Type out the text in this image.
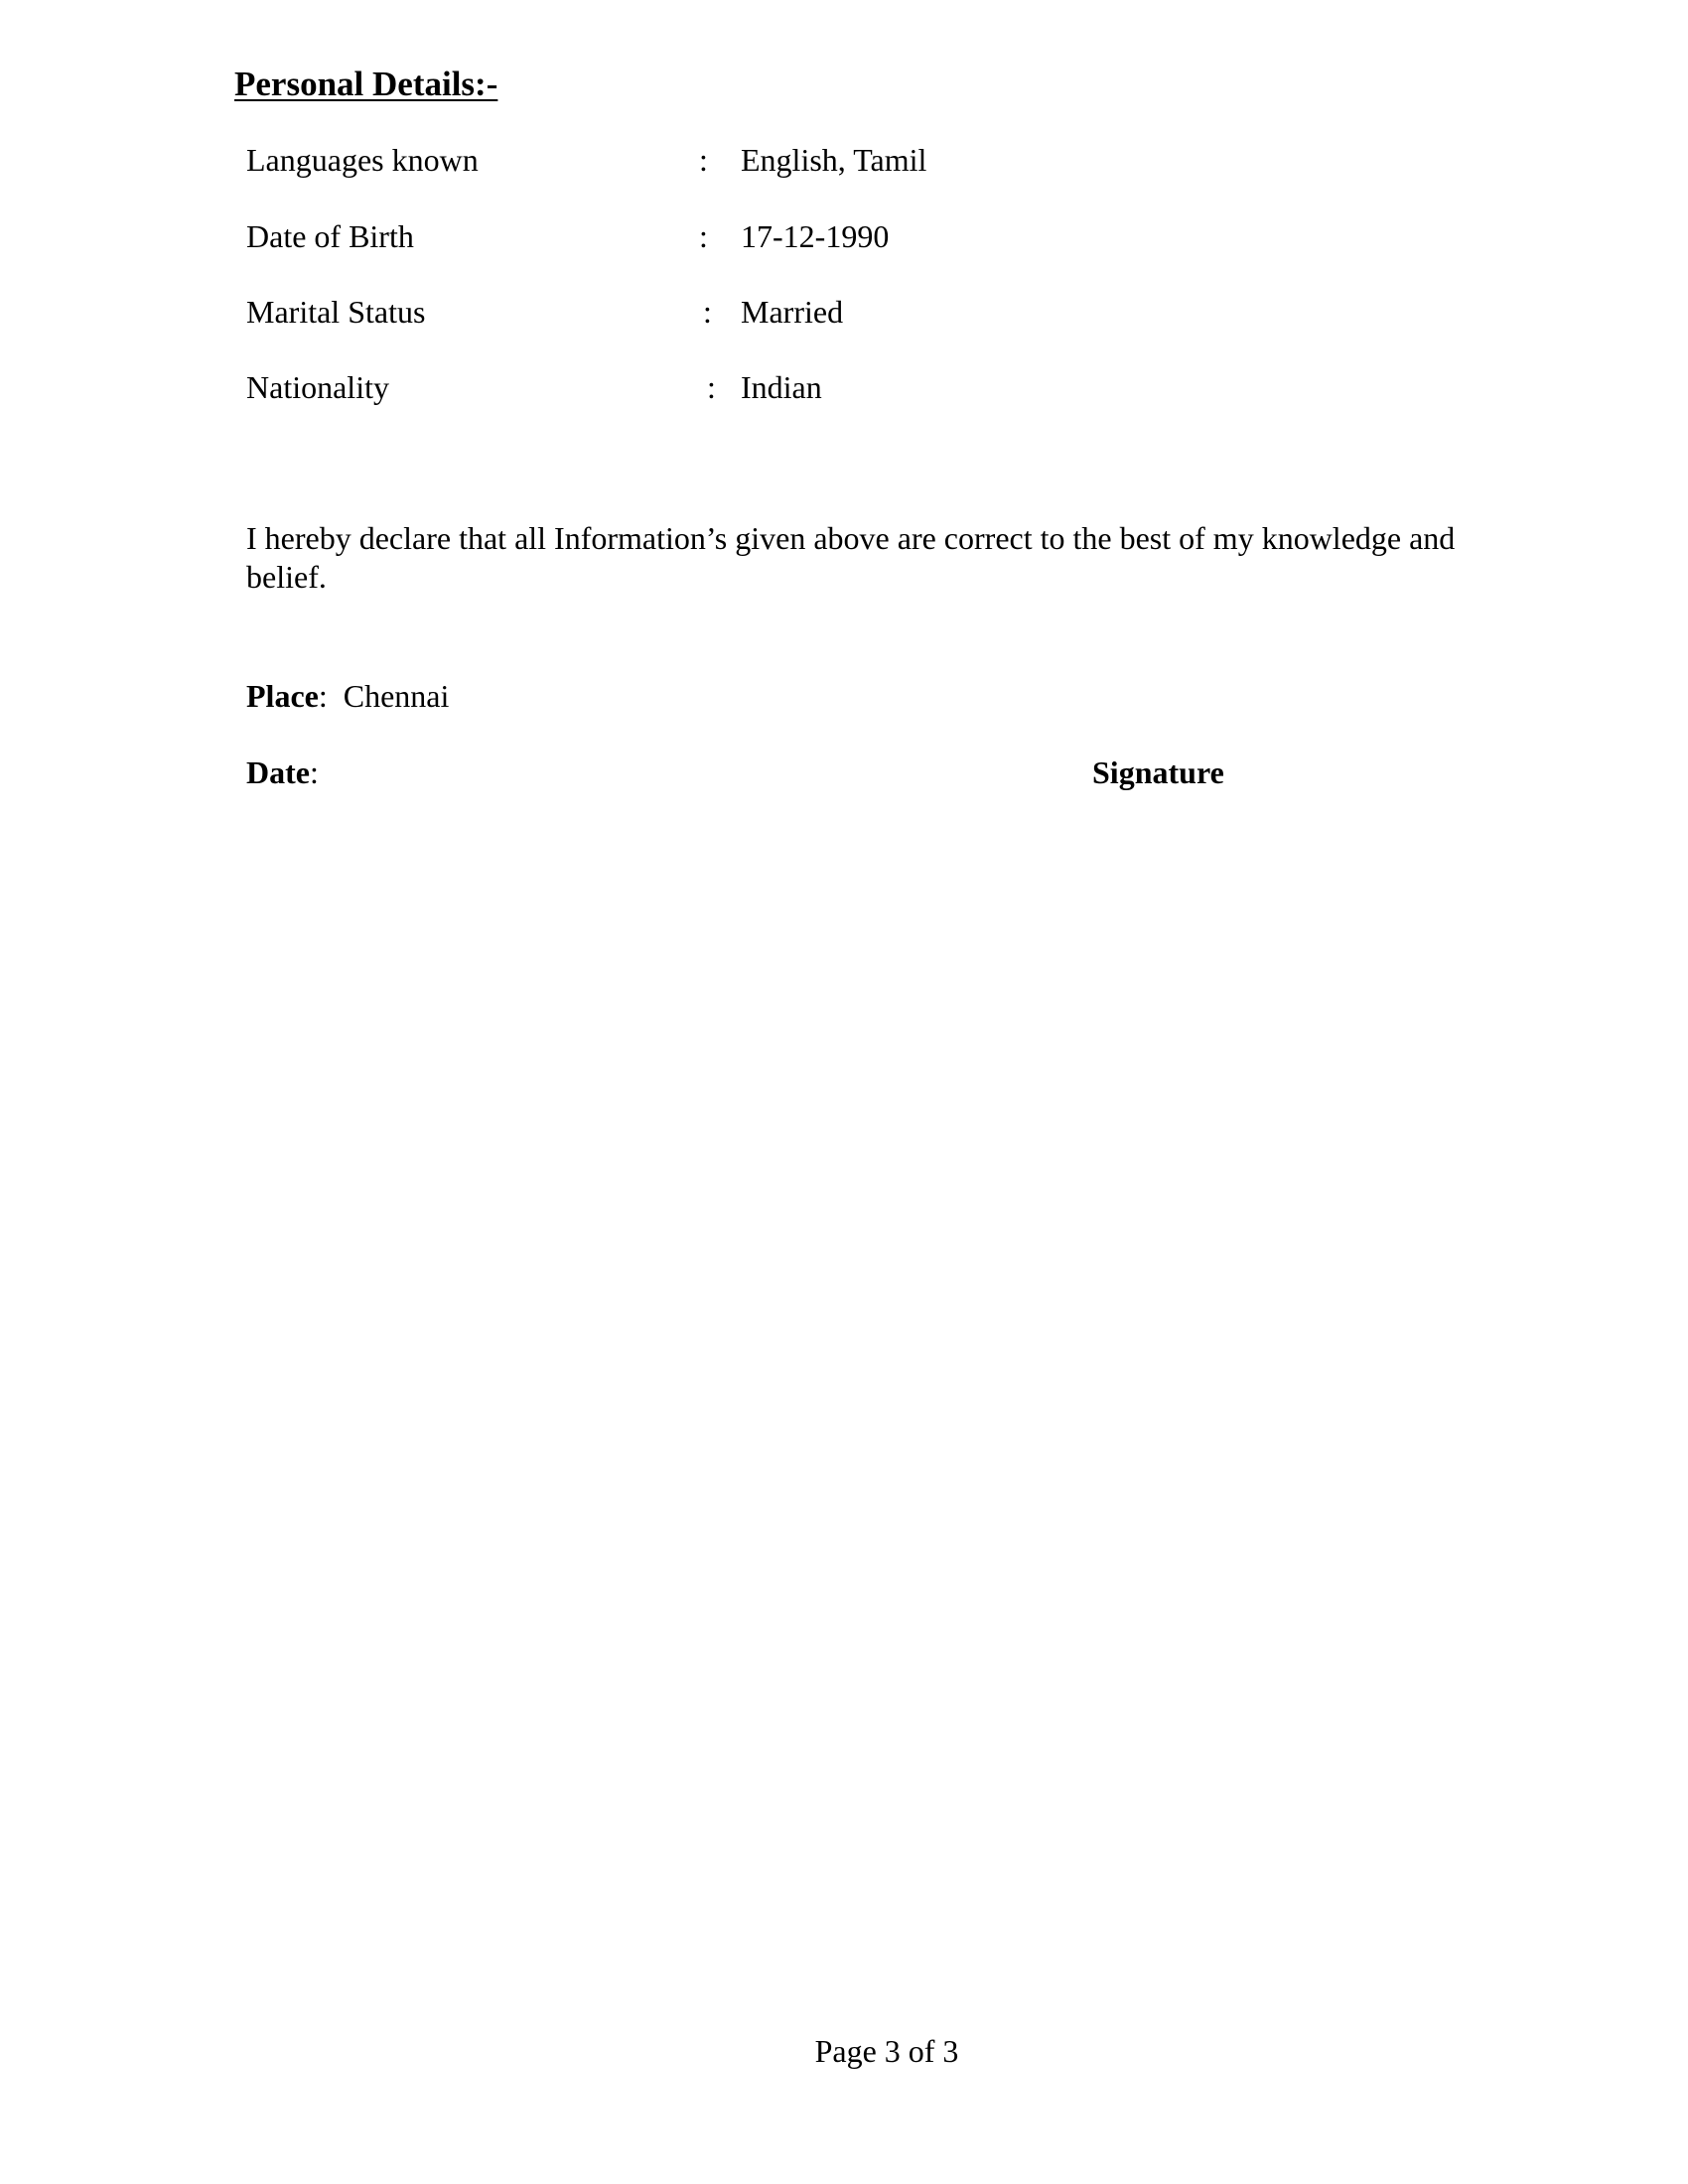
Personal Details:-
Languages known	: English, Tamil
Date of Birth	: 17-12-1990
Marital Status	: Married
Nationality	: Indian
I hereby declare that all Information’s given above are correct to the best of my knowledge and belief.
Place: Chennai
Date:	Signature
Page 3 of 3
